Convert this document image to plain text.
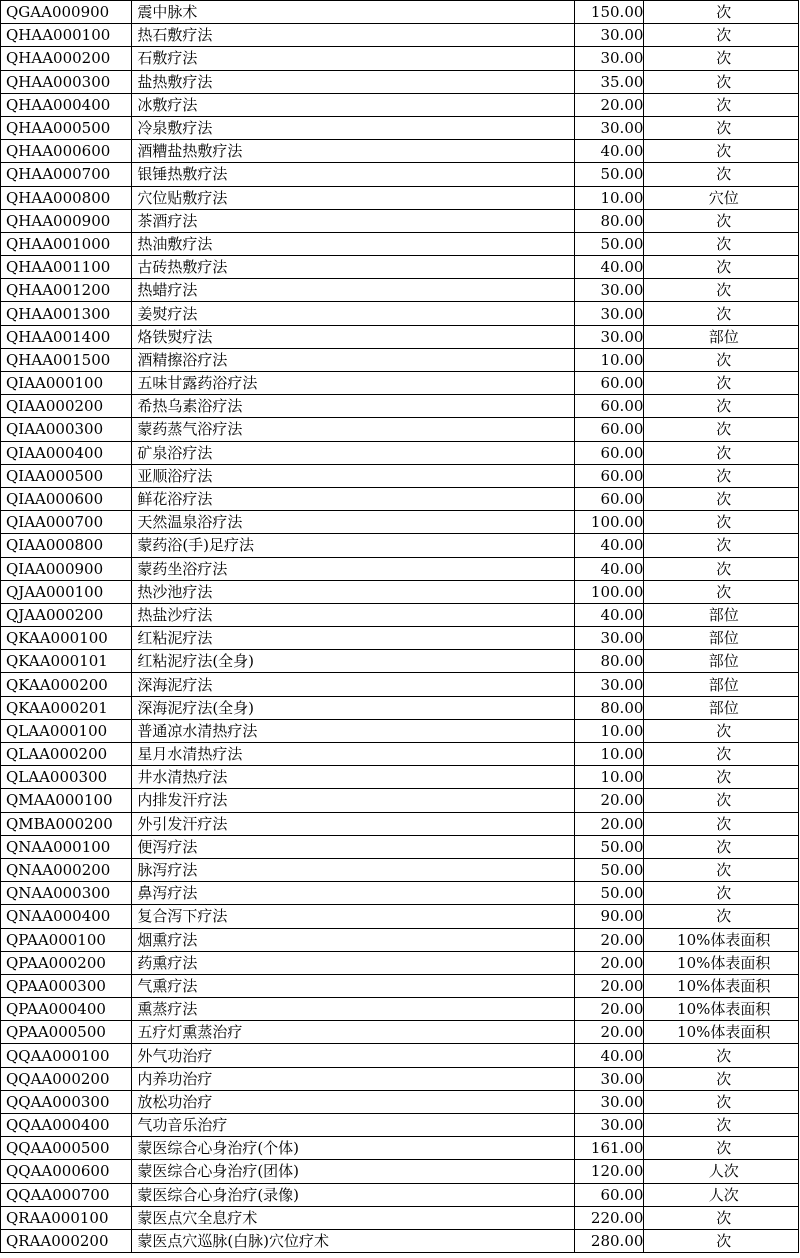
QGAA000900	震中脉术	150.00	次
QHAA000100	热石敷疗法	30.00	次
QHAA000200	石敷疗法	30.00	次
QHAA000300	盐热敷疗法	35.00	次
QHAA000400	冰敷疗法	20.00	次
QHAA000500	冷泉敷疗法	30.00	次
QHAA000600	酒糟盐热敷疗法	40.00	次
QHAA000700	银锤热敷疗法	50.00	次
QHAA000800	穴位贴敷疗法	10.00	穴位
QHAA000900	茶酒疗法	80.00	次
QHAA001000	热油敷疗法	50.00	次
QHAA001100	古砖热敷疗法	40.00	次
QHAA001200	热蜡疗法	30.00	次
QHAA001300	姜熨疗法	30.00	次
QHAA001400	烙铁熨疗法	30.00	部位
QHAA001500	酒精擦浴疗法	10.00	次
QIAA000100	五味甘露药浴疗法	60.00	次
QIAA000200	希热乌素浴疗法	60.00	次
QIAA000300	蒙药蒸气浴疗法	60.00	次
QIAA000400	矿泉浴疗法	60.00	次
QIAA000500	亚顺浴疗法	60.00	次
QIAA000600	鲜花浴疗法	60.00	次
QIAA000700	天然温泉浴疗法	100.00	次
QIAA000800	蒙药浴(手)足疗法	40.00	次
QIAA000900	蒙药坐浴疗法	40.00	次
QJAA000100	热沙池疗法	100.00	次
QJAA000200	热盐沙疗法	40.00	部位
QKAA000100	红粘泥疗法	30.00	部位
QKAA000101	红粘泥疗法(全身)	80.00	部位
QKAA000200	深海泥疗法	30.00	部位
QKAA000201	深海泥疗法(全身)	80.00	部位
QLAA000100	普通凉水清热疗法	10.00	次
QLAA000200	星月水清热疗法	10.00	次
QLAA000300	井水清热疗法	10.00	次
QMAA000100	内排发汗疗法	20.00	次
QMBA000200	外引发汗疗法	20.00	次
QNAA000100	便泻疗法	50.00	次
QNAA000200	脉泻疗法	50.00	次
QNAA000300	鼻泻疗法	50.00	次
QNAA000400	复合泻下疗法	90.00	次
QPAA000100	烟熏疗法	20.00	10%体表面积
QPAA000200	药熏疗法	20.00	10%体表面积
QPAA000300	气熏疗法	20.00	10%体表面积
QPAA000400	熏蒸疗法	20.00	10%体表面积
QPAA000500	五疗灯熏蒸治疗	20.00	10%体表面积
QQAA000100	外气功治疗	40.00	次
QQAA000200	内养功治疗	30.00	次
QQAA000300	放松功治疗	30.00	次
QQAA000400	气功音乐治疗	30.00	次
QQAA000500	蒙医综合心身治疗(个体)	161.00	次
QQAA000600	蒙医综合心身治疗(团体)	120.00	人次
QQAA000700	蒙医综合心身治疗(录像)	60.00	人次
QRAA000100	蒙医点穴全息疗术	220.00	次
QRAA000200	蒙医点穴巡脉(白脉)穴位疗术	280.00	次
